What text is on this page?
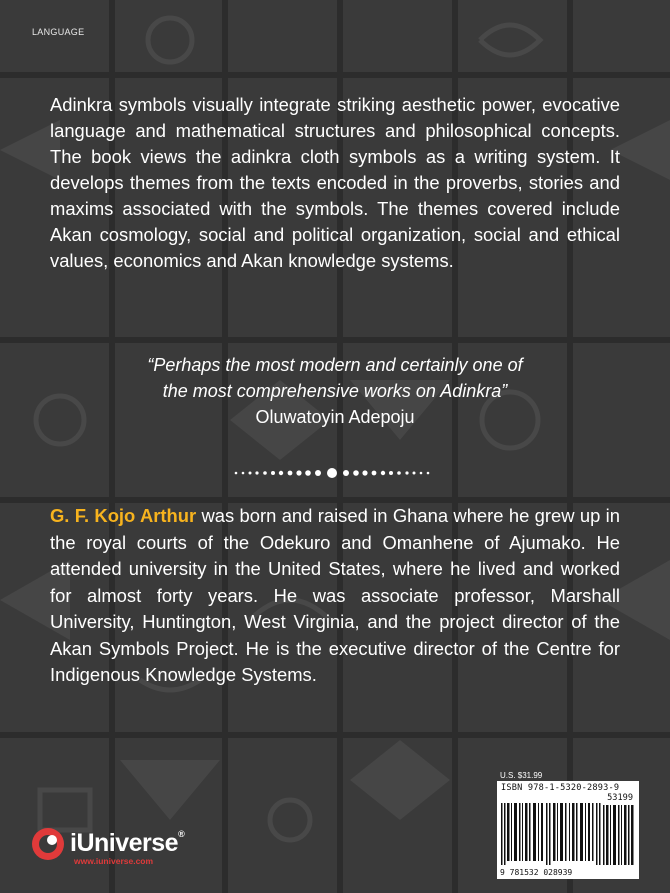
LANGUAGE

Adinkra symbols visually integrate striking aesthetic power, evocative language and mathematical structures and philosophical concepts. The book views the adinkra cloth symbols as a writing system. It develops themes from the texts encoded in the proverbs, stories and maxims associated with the symbols. The themes covered include Akan cosmology, social and political organization, social and ethical values, economics and Akan knowledge systems.

“Perhaps the most modern and certainly one of
the most comprehensive works on Adinkra”
Oluwatoyin Adepoju

G. F. Kojo Arthur was born and raised in Ghana where he grew up in the royal courts of the Odekuro and Omanhene of Ajumako. He attended university in the United States, where he lived and worked for almost forty years. He was associate professor, Marshall University, Huntington, West Virginia, and the project director of the Akan Symbols Project. He is the executive director of the Centre for Indigenous Knowledge Systems.

U.S. $31.99
ISBN 978-1-5320-2893-9
53199
9 781532 028939
iUniverse®
www.iuniverse.com
